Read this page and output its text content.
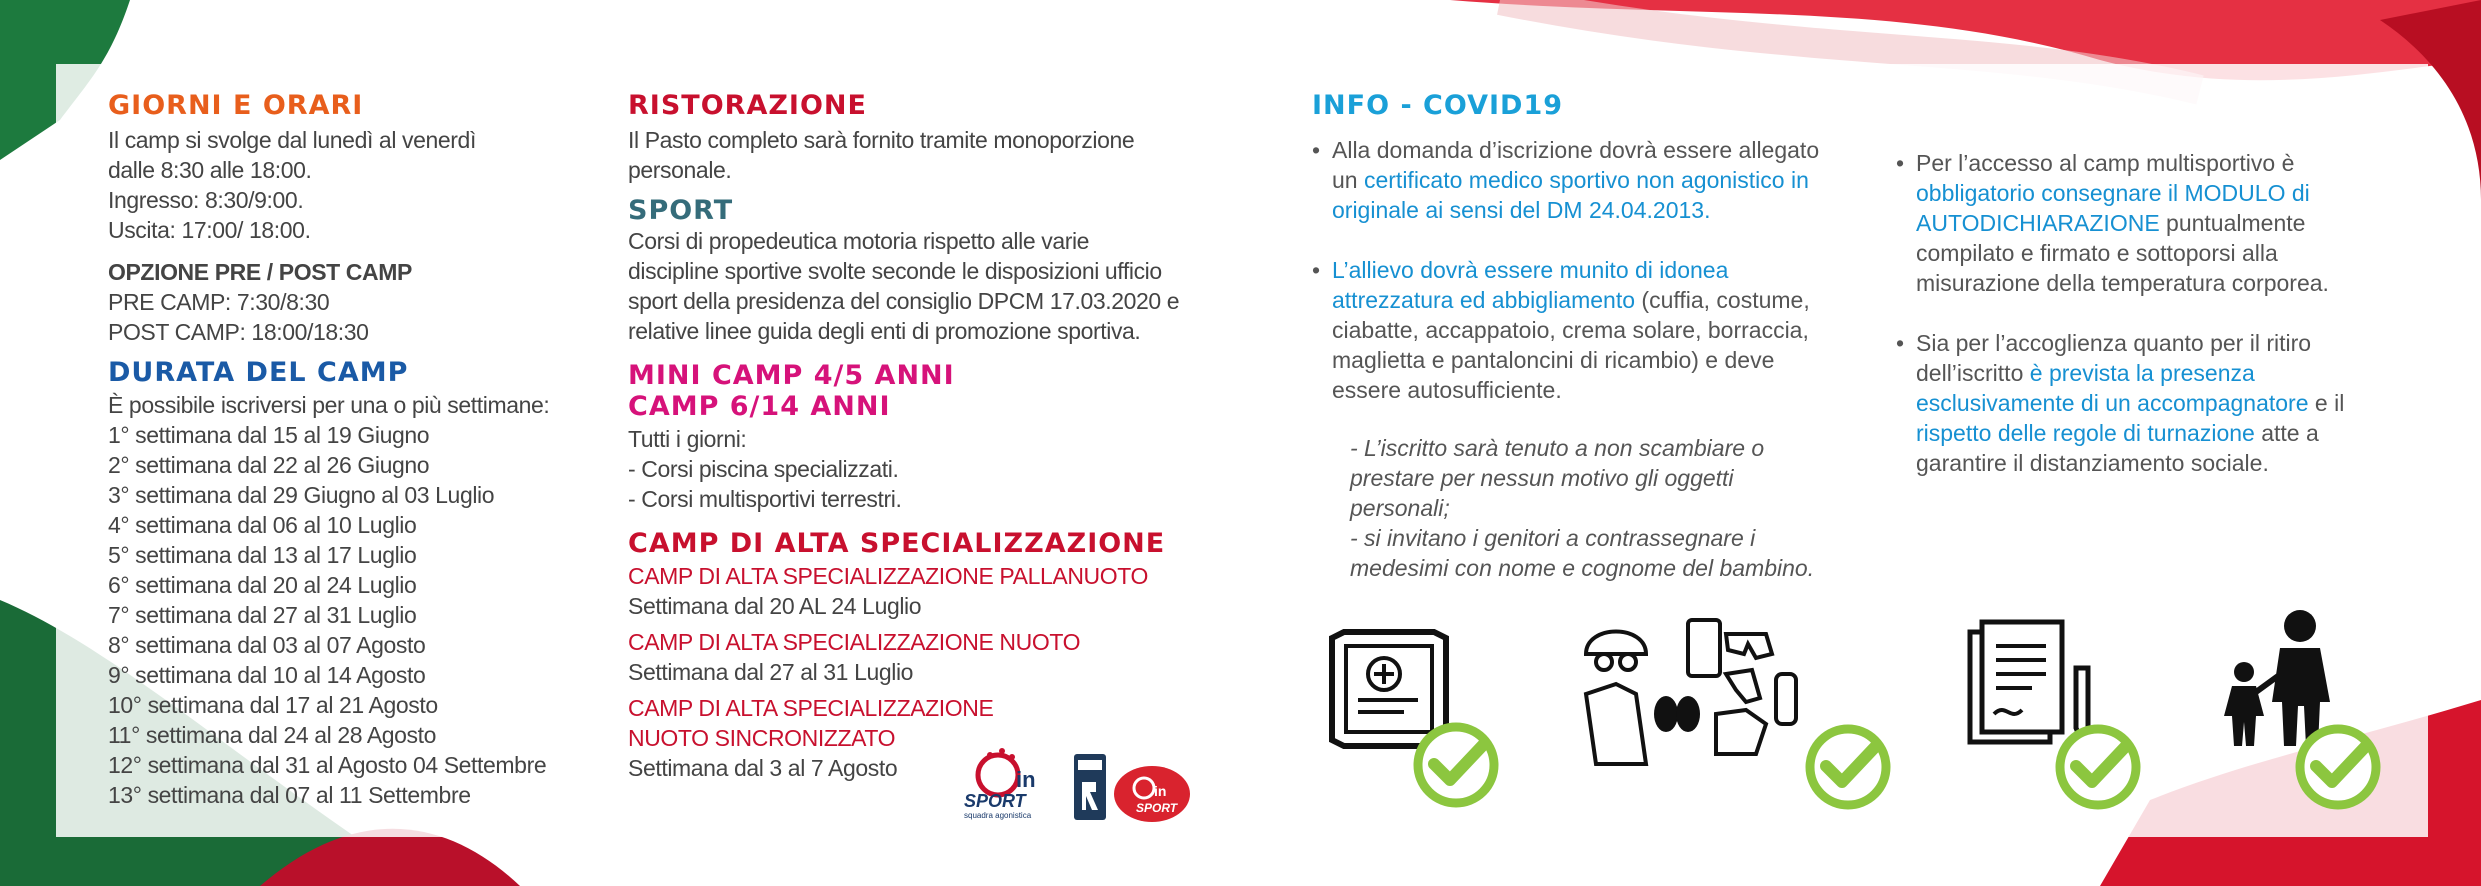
GIORNI E ORARI

Il camp si svolge dal lunedì al venerdì

dalle 8:30 alle 18:00.

Ingresso: 8:30/9:00.

Uscita: 17:00/ 18:00.

OPZIONE PRE / POST CAMP

PRE CAMP: 7:30/8:30

POST CAMP: 18:00/18:30

DURATA DEL CAMP

È possibile iscriversi per una o più settimane:

1° settimana dal 15 al 19 Giugno

2° settimana dal 22 al 26 Giugno

3° settimana dal 29 Giugno al 03 Luglio

4° settimana dal 06 al 10 Luglio

5° settimana dal 13 al 17 Luglio

6° settimana dal 20 al 24 Luglio

7° settimana dal 27 al 31 Luglio

8° settimana dal 03 al 07 Agosto

9° settimana dal 10 al 14 Agosto

10° settimana dal 17 al 21 Agosto

11° settimana dal 24 al 28 Agosto

12° settimana dal 31 al Agosto 04 Settembre

13° settimana dal 07 al 11 Settembre

RISTORAZIONE

Il Pasto completo sarà fornito tramite monoporzione

personale.

SPORT

Corsi di propedeutica motoria rispetto alle varie

discipline sportive svolte seconde le disposizioni ufficio

sport della presidenza del consiglio DPCM 17.03.2020 e

relative linee guida degli enti di promozione sportiva.

MINI CAMP 4/5 ANNI
CAMP 6/14 ANNI

Tutti i giorni:

- Corsi piscina specializzati.

- Corsi multisportivi terrestri.

CAMP DI ALTA SPECIALIZZAZIONE

CAMP DI ALTA SPECIALIZZAZIONE PALLANUOTO

Settimana dal 20 AL 24 Luglio

CAMP DI ALTA SPECIALIZZAZIONE NUOTO

Settimana dal 27 al 31 Luglio

CAMP DI ALTA SPECIALIZZAZIONE

NUOTO SINCRONIZZATO

Settimana dal 3 al 7 Agosto	in
SPORT
squadra agonistica
in
SPORT
INFO - COVID19
• Alla domanda d’iscrizione dovrà essere allegato un certificato medico sportivo non agonistico in originale ai sensi del DM 24.04.2013.
• L’allievo dovrà essere munito di idonea attrezzatura ed abbigliamento (cuffia, costume, ciabatte, accappatoio, crema solare, borraccia, maglietta e pantaloncini di ricambio) e deve essere autosufficiente.

- L’iscritto sarà tenuto a non scambiare o

prestare per nessun motivo gli oggetti personali;

- si invitano i genitori a contrassegnare i

medesimi con nome e cognome del bambino.

• Per l’accesso al camp multisportivo è obbligatorio consegnare il MODULO di AUTODICHIARAZIONE puntualmente compilato e firmato e sottoporsi alla misurazione della temperatura corporea.
• Sia per l’accoglienza quanto per il ritiro dell’iscritto è prevista la presenza esclusivamente di un accompagnatore e il rispetto delle regole di turnazione atte a garantire il distanziamento sociale.
